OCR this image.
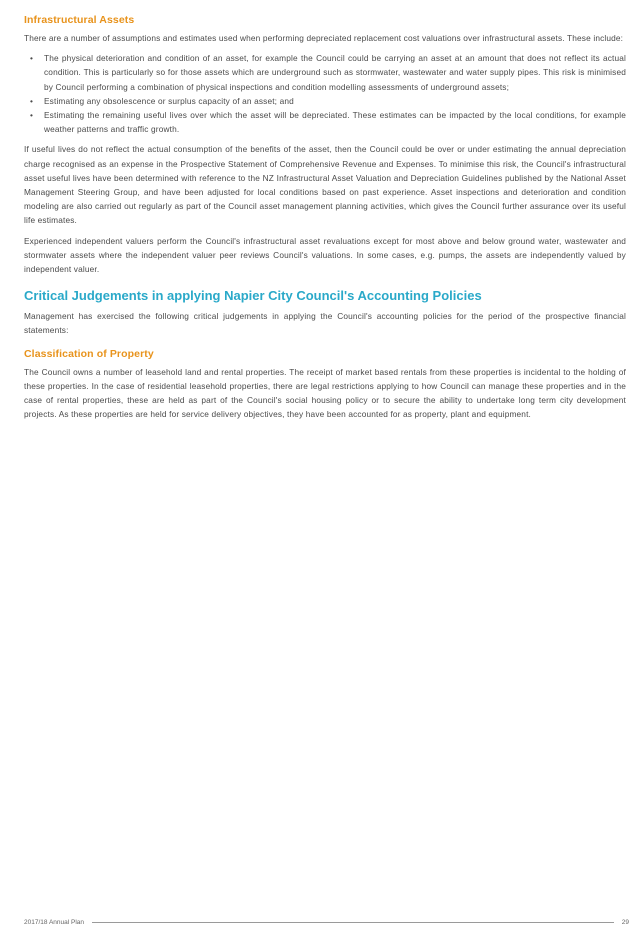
Infrastructural Assets

There are a number of assumptions and estimates used when performing depreciated replacement cost valuations over infrastructural assets. These include:

• The physical deterioration and condition of an asset, for example the Council could be carrying an asset at an amount that does not reflect its actual condition. This is particularly so for those assets which are underground such as stormwater, wastewater and water supply pipes. This risk is minimised by Council performing a combination of physical inspections and condition modelling assessments of underground assets;
• Estimating any obsolescence or surplus capacity of an asset; and
• Estimating the remaining useful lives over which the asset will be depreciated. These estimates can be impacted by the local conditions, for example weather patterns and traffic growth.

If useful lives do not reflect the actual consumption of the benefits of the asset, then the Council could be over or under estimating the annual depreciation charge recognised as an expense in the Prospective Statement of Comprehensive Revenue and Expenses. To minimise this risk, the Council's infrastructural asset useful lives have been determined with reference to the NZ Infrastructural Asset Valuation and Depreciation Guidelines published by the National Asset Management Steering Group, and have been adjusted for local conditions based on past experience. Asset inspections and deterioration and condition modeling are also carried out regularly as part of the Council asset management planning activities, which gives the Council further assurance over its useful life estimates.

Experienced independent valuers perform the Council's infrastructural asset revaluations except for most above and below ground water, wastewater and stormwater assets where the independent valuer peer reviews Council's valuations. In some cases, e.g. pumps, the assets are independently valued by independent valuer.

Critical Judgements in applying Napier City Council's Accounting Policies

Management has exercised the following critical judgements in applying the Council's accounting policies for the period of the prospective financial statements:

Classification of Property

The Council owns a number of leasehold land and rental properties. The receipt of market based rentals from these properties is incidental to the holding of these properties. In the case of residential leasehold properties, there are legal restrictions applying to how Council can manage these properties and in the case of rental properties, these are held as part of the Council's social housing policy or to secure the ability to undertake long term city development projects. As these properties are held for service delivery objectives, they have been accounted for as property, plant and equipment.

2017/18 Annual Plan	29
